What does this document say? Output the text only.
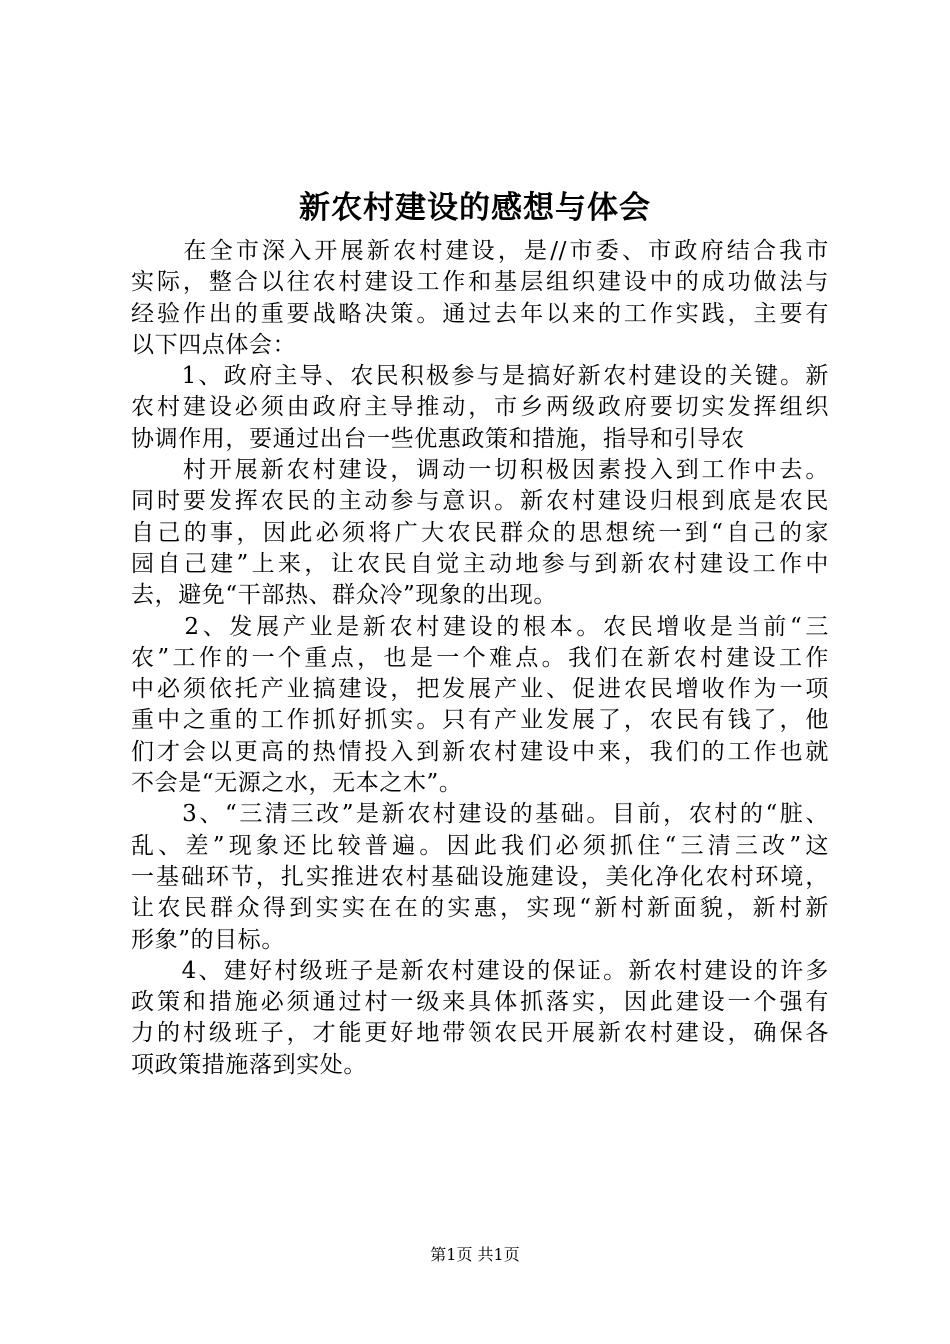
新农村建设的感想与体会
　　在全市深入开展新农村建设，是//市委、市政府结合我市
实际，整合以往农村建设工作和基层组织建设中的成功做法与
经验作出的重要战略决策。通过去年以来的工作实践，主要有
以下四点体会：
　　1、政府主导、农民积极参与是搞好新农村建设的关键。新
农村建设必须由政府主导推动，市乡两级政府要切实发挥组织
协调作用，要通过出台一些优惠政策和措施，指导和引导农
　　村开展新农村建设，调动一切积极因素投入到工作中去。
同时要发挥农民的主动参与意识。新农村建设归根到底是农民
自己的事，因此必须将广大农民群众的思想统一到“自己的家
园自己建”上来，让农民自觉主动地参与到新农村建设工作中
去，避免“干部热、群众冷”现象的出现。
　　2、发展产业是新农村建设的根本。农民增收是当前“三
农”工作的一个重点，也是一个难点。我们在新农村建设工作
中必须依托产业搞建设，把发展产业、促进农民增收作为一项
重中之重的工作抓好抓实。只有产业发展了，农民有钱了，他
们才会以更高的热情投入到新农村建设中来，我们的工作也就
不会是“无源之水，无本之木”。
　　3、“三清三改”是新农村建设的基础。目前，农村的“脏、
乱、差”现象还比较普遍。因此我们必须抓住“三清三改”这
一基础环节，扎实推进农村基础设施建设，美化净化农村环境，
让农民群众得到实实在在的实惠，实现“新村新面貌，新村新
形象”的目标。
　　4、建好村级班子是新农村建设的保证。新农村建设的许多
政策和措施必须通过村一级来具体抓落实，因此建设一个强有
力的村级班子，才能更好地带领农民开展新农村建设，确保各
项政策措施落到实处。
第1页 共1页
